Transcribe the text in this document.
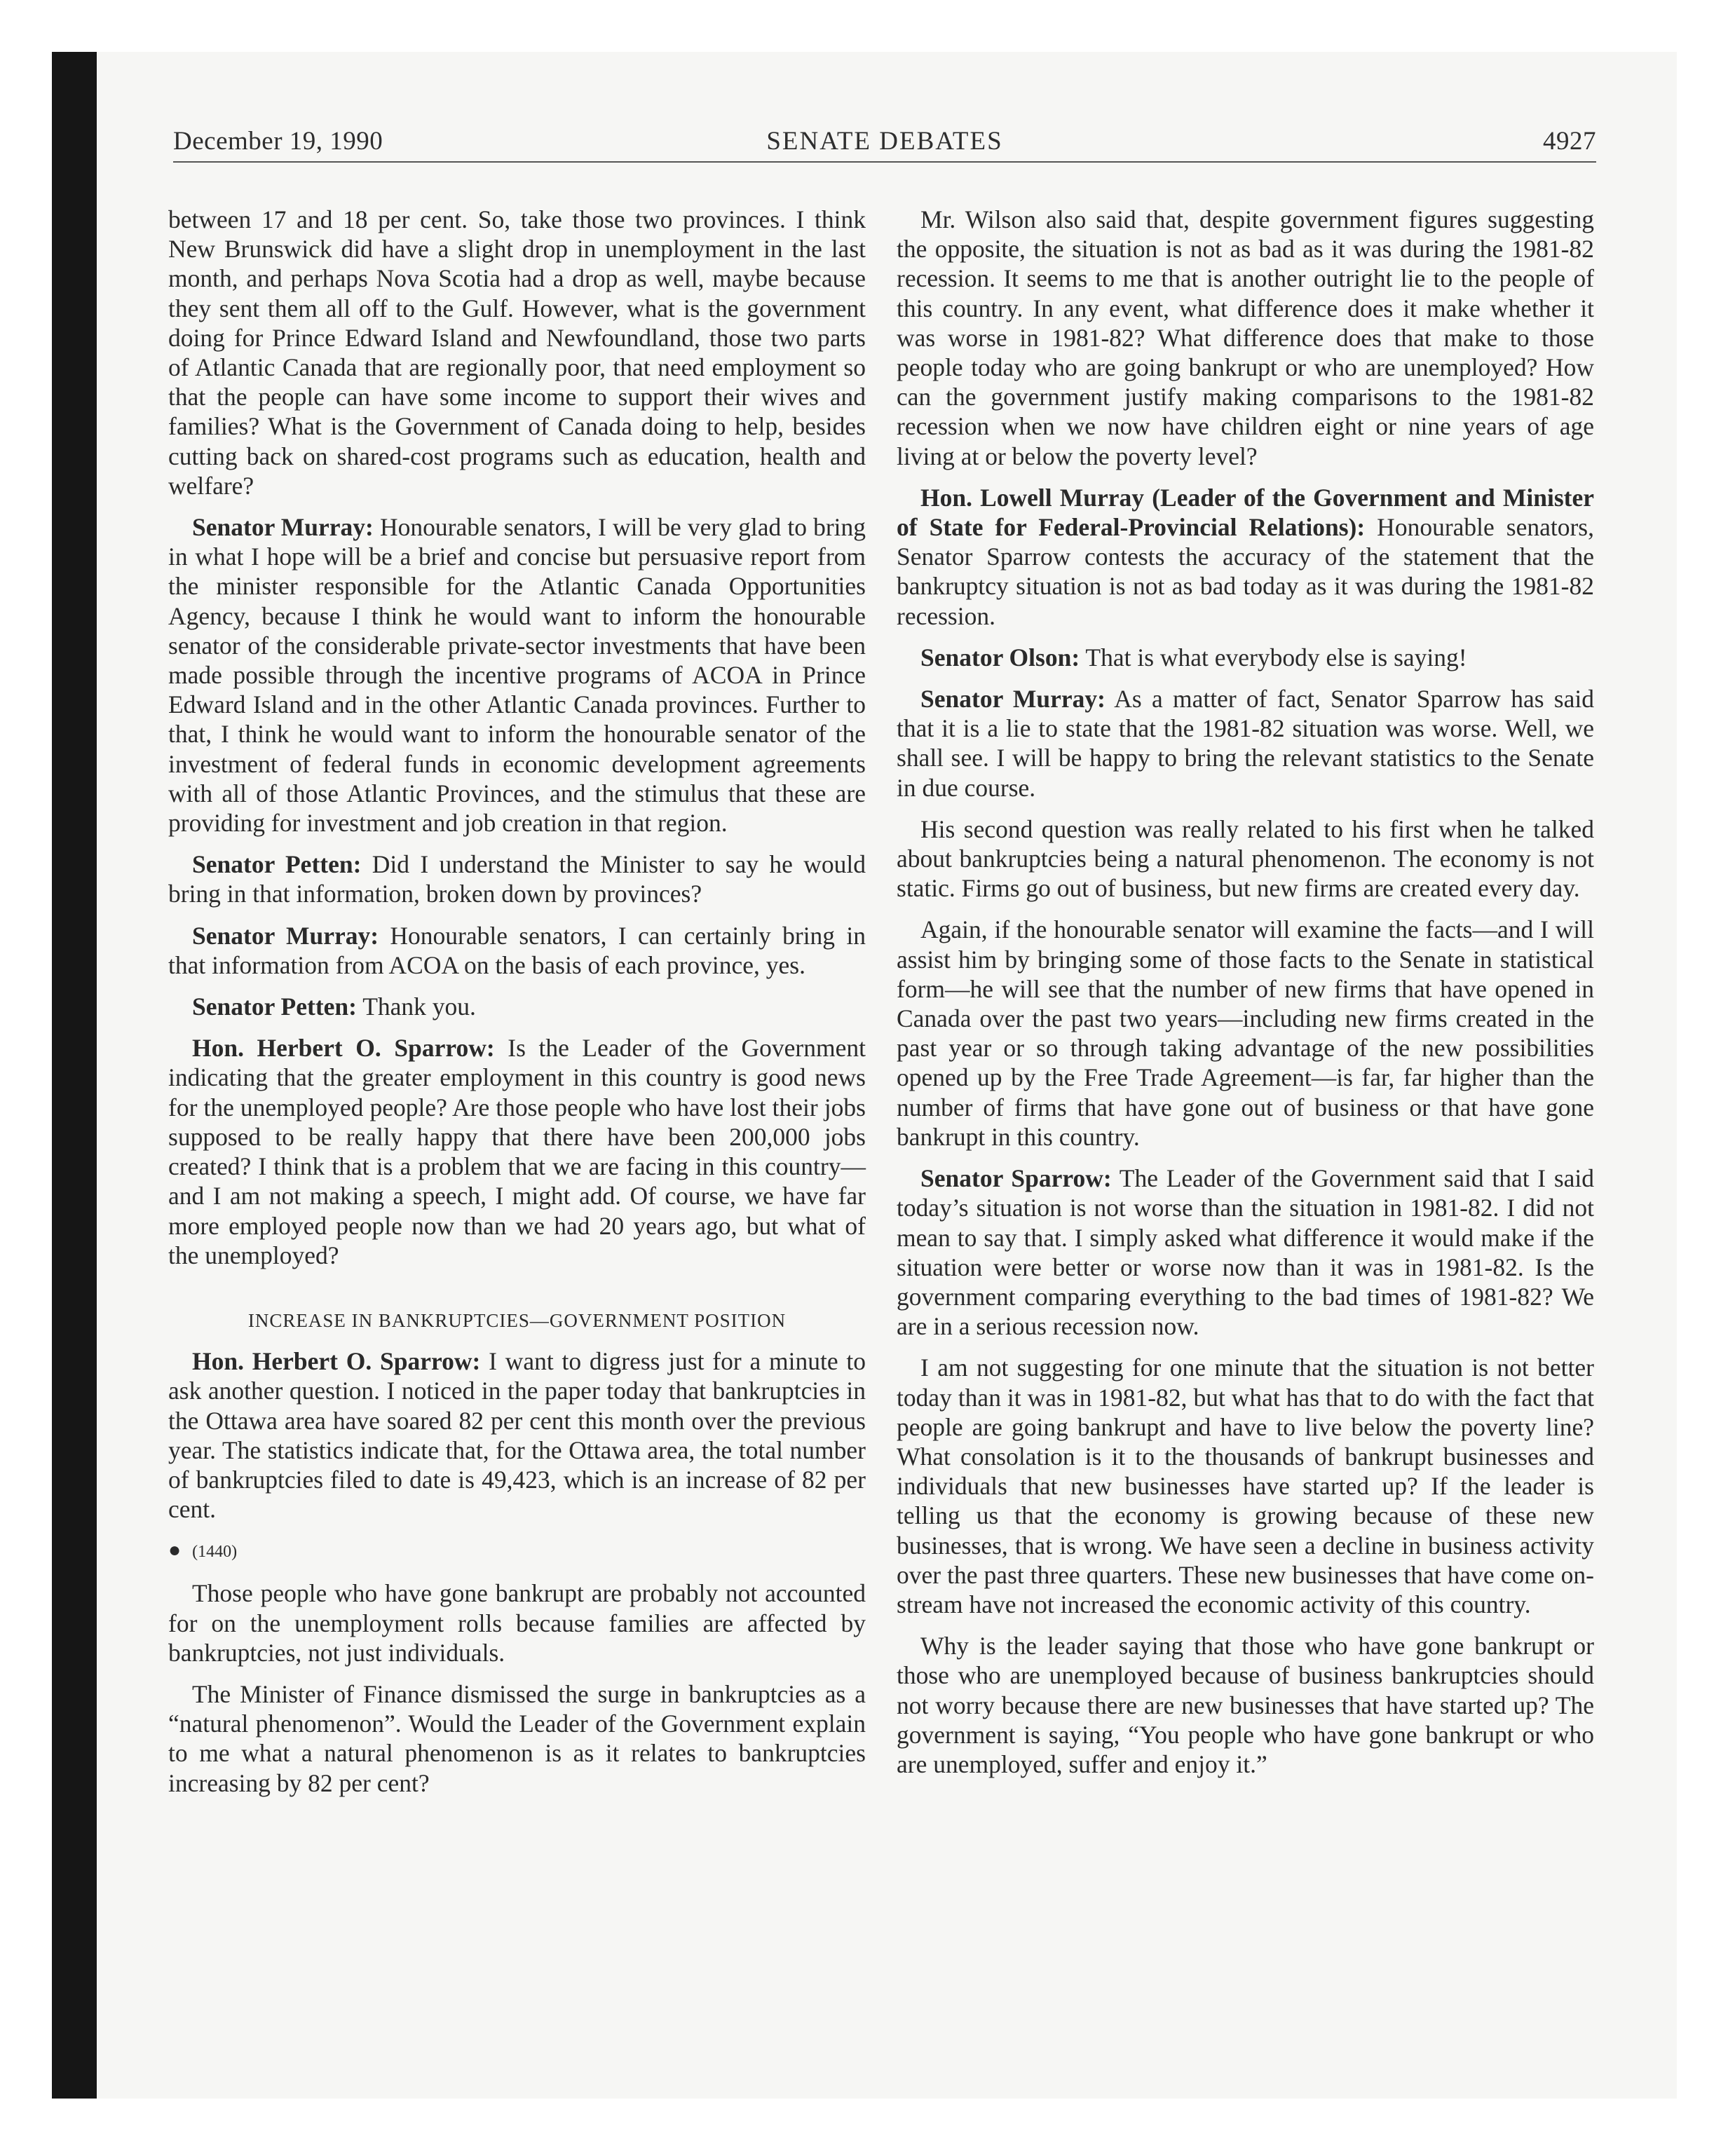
December 19, 1990	SENATE DEBATES	4927

between 17 and 18 per cent. So, take those two provinces. I think New Brunswick did have a slight drop in unemployment in the last month, and perhaps Nova Scotia had a drop as well, maybe because they sent them all off to the Gulf. However, what is the government doing for Prince Edward Island and Newfoundland, those two parts of Atlantic Canada that are regionally poor, that need employment so that the people can have some income to support their wives and families? What is the Government of Canada doing to help, besides cutting back on shared-cost programs such as education, health and welfare?

Senator Murray: Honourable senators, I will be very glad to bring in what I hope will be a brief and concise but persuasive report from the minister responsible for the Atlantic Canada Opportunities Agency, because I think he would want to inform the honourable senator of the considerable private-sector investments that have been made possible through the incentive programs of ACOA in Prince Edward Island and in the other Atlantic Canada provinces. Further to that, I think he would want to inform the honourable senator of the investment of federal funds in economic development agreements with all of those Atlantic Provinces, and the stimulus that these are providing for investment and job creation in that region.

Senator Petten: Did I understand the Minister to say he would bring in that information, broken down by provinces?

Senator Murray: Honourable senators, I can certainly bring in that information from ACOA on the basis of each province, yes.

Senator Petten: Thank you.

Hon. Herbert O. Sparrow: Is the Leader of the Government indicating that the greater employment in this country is good news for the unemployed people? Are those people who have lost their jobs supposed to be really happy that there have been 200,000 jobs created? I think that is a problem that we are facing in this country—and I am not making a speech, I might add. Of course, we have far more employed people now than we had 20 years ago, but what of the unemployed?

INCREASE IN BANKRUPTCIES—GOVERNMENT POSITION

Hon. Herbert O. Sparrow: I want to digress just for a minute to ask another question. I noticed in the paper today that bankruptcies in the Ottawa area have soared 82 per cent this month over the previous year. The statistics indicate that, for the Ottawa area, the total number of bankruptcies filed to date is 49,423, which is an increase of 82 per cent.

● (1440)

Those people who have gone bankrupt are probably not accounted for on the unemployment rolls because families are affected by bankruptcies, not just individuals.

The Minister of Finance dismissed the surge in bankruptcies as a “natural phenomenon”. Would the Leader of the Government explain to me what a natural phenomenon is as it relates to bankruptcies increasing by 82 per cent?

Mr. Wilson also said that, despite government figures suggesting the opposite, the situation is not as bad as it was during the 1981-82 recession. It seems to me that is another outright lie to the people of this country. In any event, what difference does it make whether it was worse in 1981-82? What difference does that make to those people today who are going bankrupt or who are unemployed? How can the government justify making comparisons to the 1981-82 recession when we now have children eight or nine years of age living at or below the poverty level?

Hon. Lowell Murray (Leader of the Government and Minister of State for Federal-Provincial Relations): Honourable senators, Senator Sparrow contests the accuracy of the statement that the bankruptcy situation is not as bad today as it was during the 1981-82 recession.

Senator Olson: That is what everybody else is saying!

Senator Murray: As a matter of fact, Senator Sparrow has said that it is a lie to state that the 1981-82 situation was worse. Well, we shall see. I will be happy to bring the relevant statistics to the Senate in due course.

His second question was really related to his first when he talked about bankruptcies being a natural phenomenon. The economy is not static. Firms go out of business, but new firms are created every day.

Again, if the honourable senator will examine the facts—and I will assist him by bringing some of those facts to the Senate in statistical form—he will see that the number of new firms that have opened in Canada over the past two years—including new firms created in the past year or so through taking advantage of the new possibilities opened up by the Free Trade Agreement—is far, far higher than the number of firms that have gone out of business or that have gone bankrupt in this country.

Senator Sparrow: The Leader of the Government said that I said today’s situation is not worse than the situation in 1981-82. I did not mean to say that. I simply asked what difference it would make if the situation were better or worse now than it was in 1981-82. Is the government comparing everything to the bad times of 1981-82? We are in a serious recession now.

I am not suggesting for one minute that the situation is not better today than it was in 1981-82, but what has that to do with the fact that people are going bankrupt and have to live below the poverty line? What consolation is it to the thousands of bankrupt businesses and individuals that new businesses have started up? If the leader is telling us that the economy is growing because of these new businesses, that is wrong. We have seen a decline in business activity over the past three quarters. These new businesses that have come on-stream have not increased the economic activity of this country.

Why is the leader saying that those who have gone bankrupt or those who are unemployed because of business bankruptcies should not worry because there are new businesses that have started up? The government is saying, “You people who have gone bankrupt or who are unemployed, suffer and enjoy it.”
